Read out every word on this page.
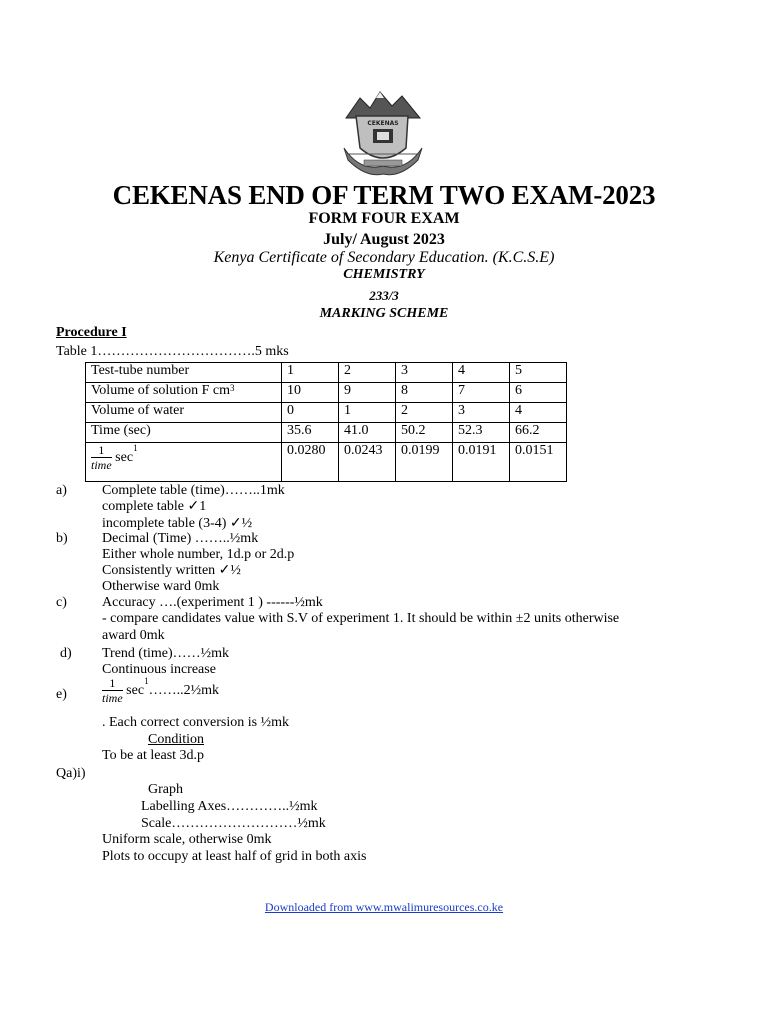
CEKENAS
CEKENAS END OF TERM TWO EXAM-2023
FORM FOUR EXAM
July/ August 2023
Kenya Certificate of Secondary Education. (K.C.S.E)
CHEMISTRY
233/3
MARKING SCHEME
Procedure I
Table 1…………………………….5 mks
Test-tube number	1	2	3	4	5
Volume of solution F $cm^3$	10	9	8	7	6
Volume of water	0	1	2	3	4
Time (sec)	35.6	41.0	50.2	52.3	66.2

$\frac{1}{\text{time}} \sec^1$	0.0280	0.0243	0.0199	0.0191	0.0151
a)	Complete table (time)……..1mk
complete table ✓1
incomplete table (3-4) ✓½
b) Decimal (Time) ……..½mk
Either whole number, 1d.p or 2d.p
Consistently written ✓½
Otherwise ward 0mk
c)	Accuracy ….(experiment 1 ) ------½mk
- compare candidates value with S.V of experiment 1. It should be within ±2 units otherwise
award 0mk
d) Trend (time)……½mk
Continuous increase
e)	$\frac{1}{\text{time}}$ $\sec^1\dots\dots..2\frac{1}{2}mk$
. Each correct conversion is ½mk
Condition
To be at least 3d.p
Qa)i)
Graph
Labelling Axes…………..½mk
Scale………………………½mk
Uniform scale, otherwise 0mk
Plots to occupy at least half of grid in both axis
Downloaded from www.mwalimuresources.co.ke
